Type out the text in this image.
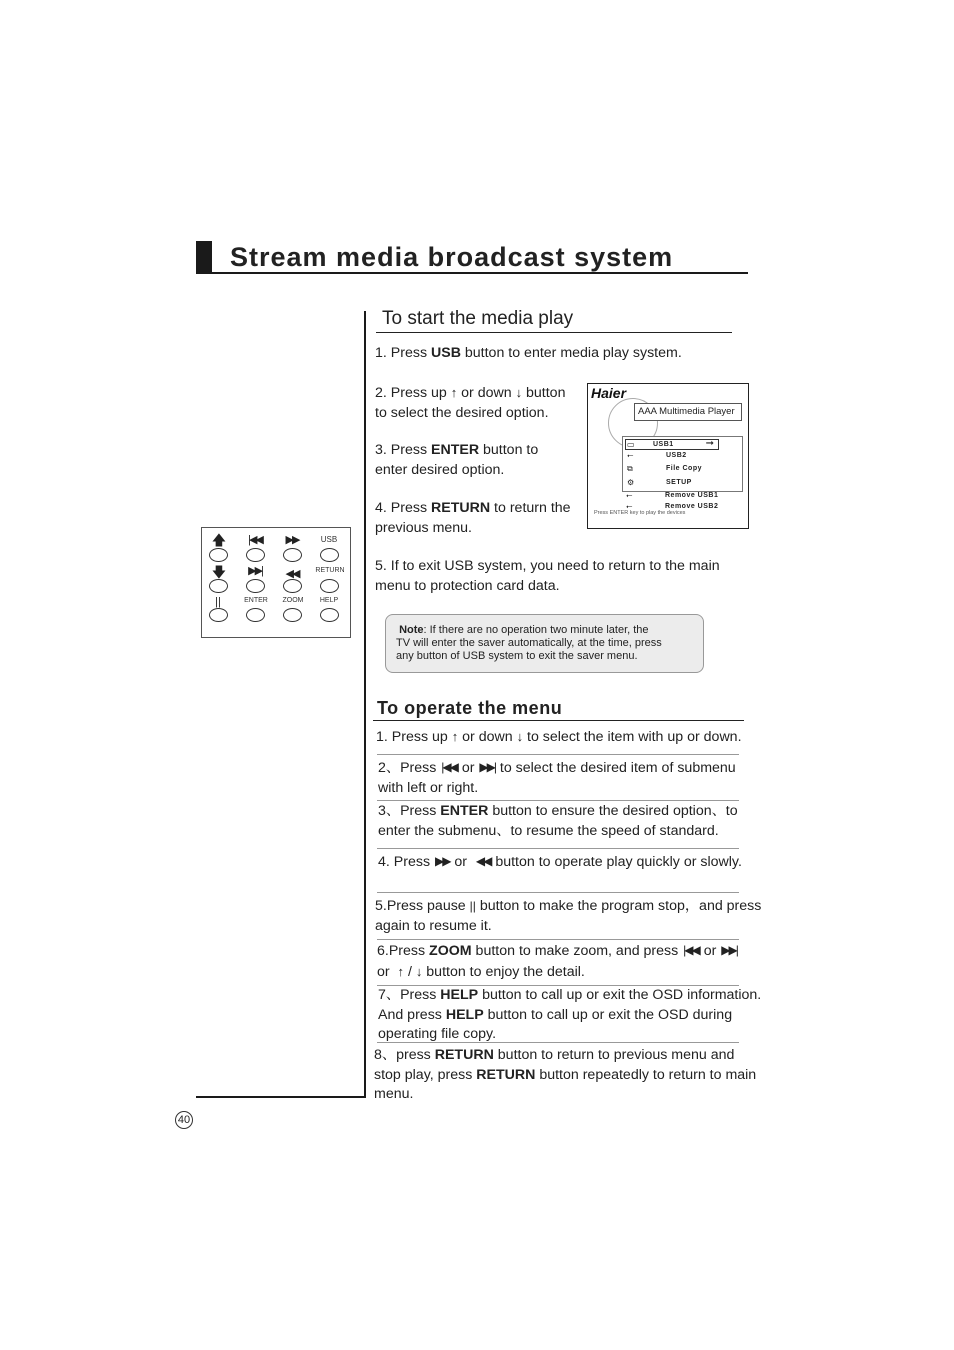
Stream media broadcast system
To start the media play
1. Press USB button to enter media play system.
2. Press up ↑ or down ↓ button
to select the desired option.
3. Press ENTER button to
enter desired option.
4. Press RETURN to return the
previous menu.
5. If to exit USB system, you need to return to the main
menu to protection card data.
Haier
AAA Multimedia Player
▭	USB1	➞
⭠	USB2
⧉	File Copy
⚙	SETUP
⭠	Remove USB1
⭠	Remove USB2
Press ENTER key to play the devices
🡅	|◀◀	▶▶	USB
🡇	▶▶|	◀◀	RETURN
||	ENTER	ZOOM	HELP
Note: If there are no operation two minute later, the
TV will enter the saver automatically, at the time, press
any button of USB system to exit the saver menu.
To operate the menu
1. Press up ↑ or down ↓ to select the item with up or down.
2、Press |◀◀ or ▶▶| to select the desired item of submenu
with left or right.
3、Press ENTER button to ensure the desired option、to
enter the submenu、to resume the speed of standard.
4. Press ▶▶ or  ◀◀ button to operate play quickly or slowly.
5.Press pause || button to make the program stop，and press
again to resume it.
6.Press ZOOM button to make zoom, and press |◀◀ or ▶▶|
or  ↑ / ↓ button to enjoy the detail.
7、Press HELP button to call up or exit the OSD information.
And press HELP button to call up or exit the OSD during
operating file copy.
8、press RETURN button to return to previous menu and
stop play, press RETURN button repeatedly to return to main
menu.
40
